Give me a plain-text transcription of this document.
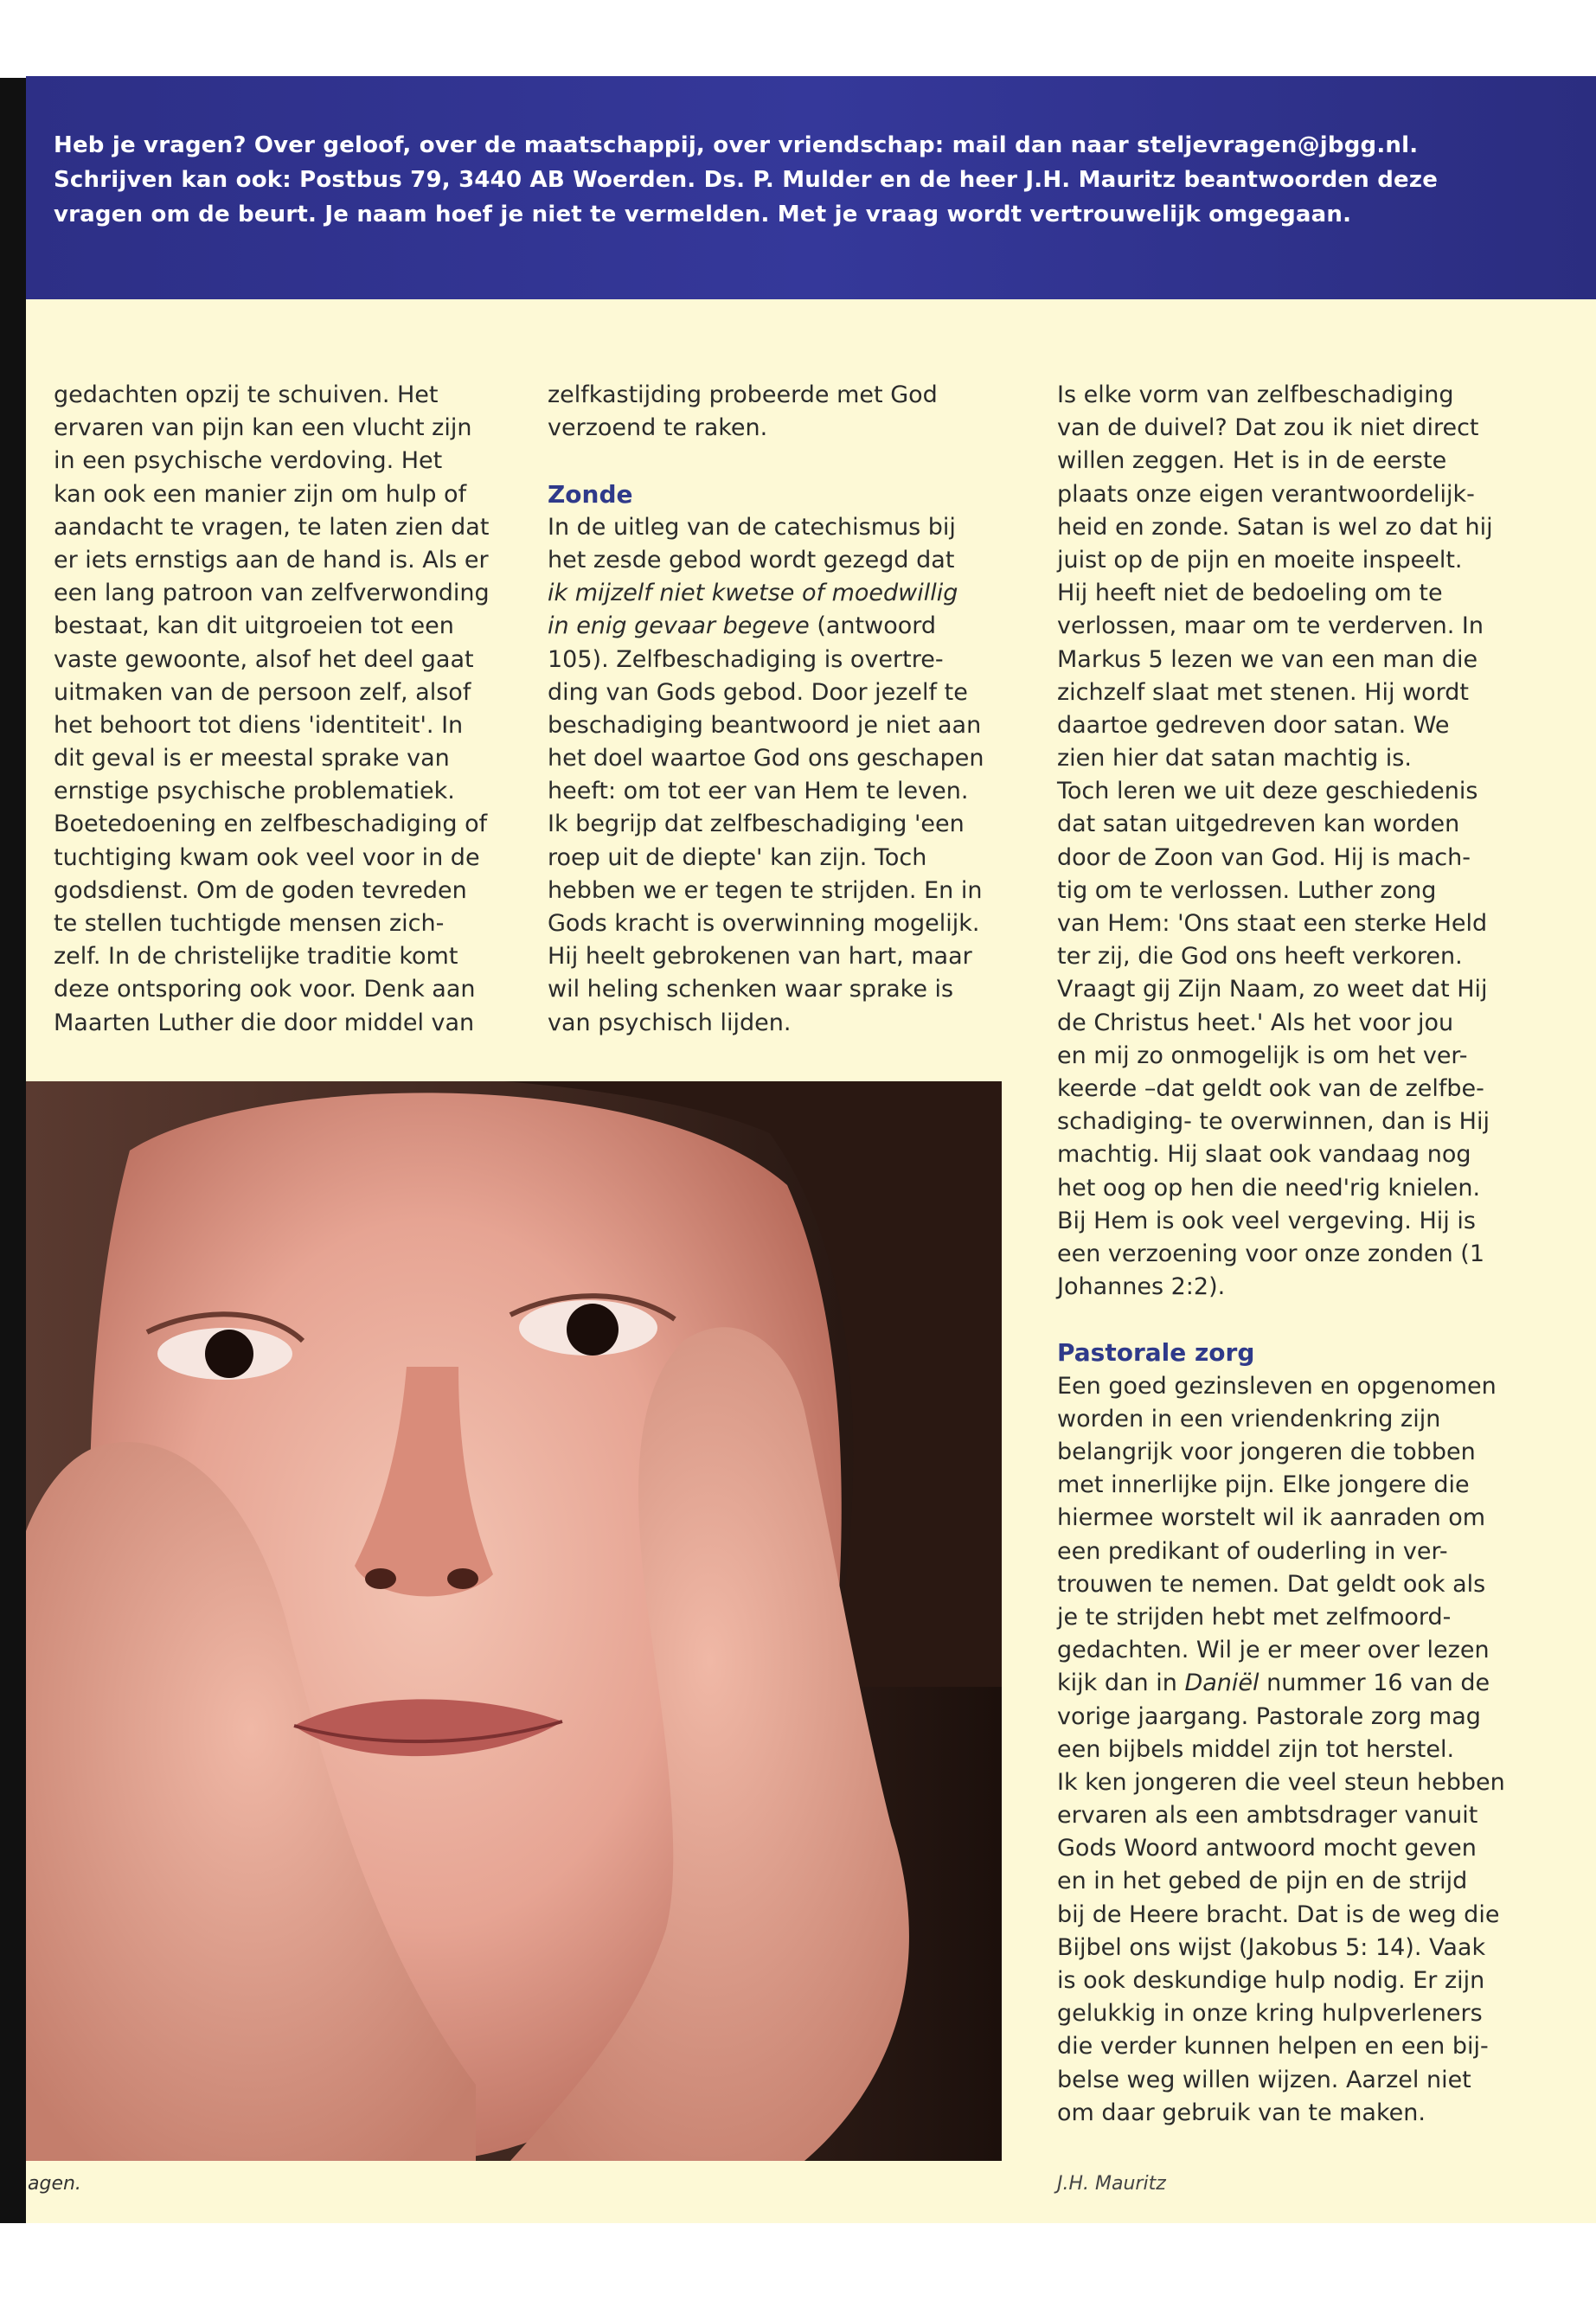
Heb je vragen? Over geloof, over de maatschappij, over vriendschap: mail dan naar steljevragen@jbgg.nl.

Schrijven kan ook: Postbus 79, 3440 AB Woerden. Ds. P. Mulder en de heer J.H. Mauritz beantwoorden deze

vragen om de beurt. Je naam hoef je niet te vermelden. Met je vraag wordt vertrouwelijk omgegaan.

gedachten opzij te schuiven. Het
ervaren van pijn kan een vlucht zijn
in een psychische verdoving. Het
kan ook een manier zijn om hulp of
aandacht te vragen, te laten zien dat
er iets ernstigs aan de hand is. Als er
een lang patroon van zelfverwonding
bestaat, kan dit uitgroeien tot een
vaste gewoonte, alsof het deel gaat
uitmaken van de persoon zelf, alsof
het behoort tot diens 'identiteit'. In
dit geval is er meestal sprake van
ernstige psychische problematiek.
Boetedoening en zelfbeschadiging of
tuchtiging kwam ook veel voor in de
godsdienst. Om de goden tevreden
te stellen tuchtigde mensen zich-
zelf. In de christelijke traditie komt
deze ontsporing ook voor. Denk aan
Maarten Luther die door middel van
zelfkastijding probeerde met God
verzoend te raken.
Zonde
In de uitleg van de catechismus bij
het zesde gebod wordt gezegd dat
ik mijzelf niet kwetse of moedwillig
in enig gevaar begeve (antwoord
105). Zelfbeschadiging is overtre-
ding van Gods gebod. Door jezelf te
beschadiging beantwoord je niet aan
het doel waartoe God ons geschapen
heeft: om tot eer van Hem te leven.
Ik begrijp dat zelfbeschadiging 'een
roep uit de diepte' kan zijn. Toch
hebben we er tegen te strijden. En in
Gods kracht is overwinning mogelijk.
Hij heelt gebrokenen van hart, maar
wil heling schenken waar sprake is
van psychisch lijden.
Is elke vorm van zelfbeschadiging
van de duivel? Dat zou ik niet direct
willen zeggen. Het is in de eerste
plaats onze eigen verantwoordelijk-
heid en zonde. Satan is wel zo dat hij
juist op de pijn en moeite inspeelt.
Hij heeft niet de bedoeling om te
verlossen, maar om te verderven. In
Markus 5 lezen we van een man die
zichzelf slaat met stenen. Hij wordt
daartoe gedreven door satan. We
zien hier dat satan machtig is.
Toch leren we uit deze geschiedenis
dat satan uitgedreven kan worden
door de Zoon van God. Hij is mach-
tig om te verlossen. Luther zong
van Hem: 'Ons staat een sterke Held
ter zij, die God ons heeft verkoren.
Vraagt gij Zijn Naam, zo weet dat Hij
de Christus heet.' Als het voor jou
en mij zo onmogelijk is om het ver-
keerde –dat geldt ook van de zelfbe-
schadiging- te overwinnen, dan is Hij
machtig. Hij slaat ook vandaag nog
het oog op hen die need'rig knielen.
Bij Hem is ook veel vergeving. Hij is
een verzoening voor onze zonden (1
Johannes 2:2).
Pastorale zorg
Een goed gezinsleven en opgenomen
worden in een vriendenkring zijn
belangrijk voor jongeren die tobben
met innerlijke pijn. Elke jongere die
hiermee worstelt wil ik aanraden om
een predikant of ouderling in ver-
trouwen te nemen. Dat geldt ook als
je te strijden hebt met zelfmoord-
gedachten. Wil je er meer over lezen
kijk dan in Daniël nummer 16 van de
vorige jaargang. Pastorale zorg mag
een bijbels middel zijn tot herstel.
Ik ken jongeren die veel steun hebben
ervaren als een ambtsdrager vanuit
Gods Woord antwoord mocht geven
en in het gebed de pijn en de strijd
bij de Heere bracht. Dat is de weg die
Bijbel ons wijst (Jakobus 5: 14). Vaak
is ook deskundige hulp nodig. Er zijn
gelukkig in onze kring hulpverleners
die verder kunnen helpen en een bij-
belse weg willen wijzen. Aarzel niet
om daar gebruik van te maken.
agen.	J.H. Mauritz
